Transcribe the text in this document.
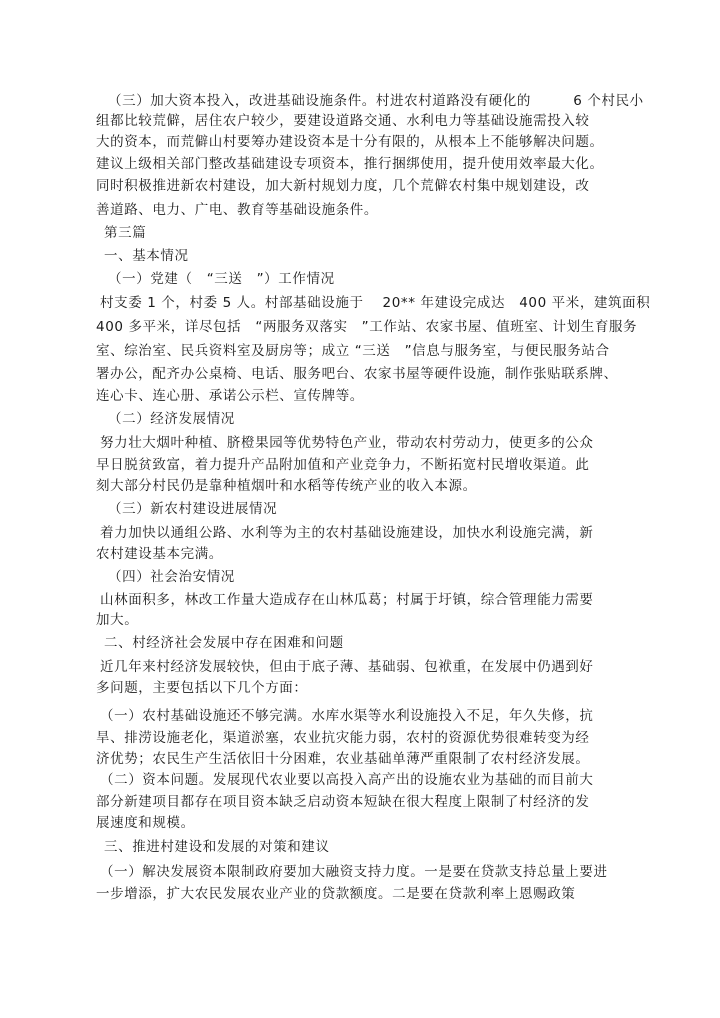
（三）加大资本投入，改进基础设施条件。村进农村道路没有硬化的　　　6 个村民小
组都比较荒僻，居住农户较少，要建设道路交通、水利电力等基础设施需投入较
大的资本，而荒僻山村要筹办建设资本是十分有限的，从根本上不能够解决问题。
建议上级相关部门整改基础建设专项资本，推行捆绑使用，提升使用效率最大化。
同时积极推进新农村建设，加大新村规划力度，几个荒僻农村集中规划建设，改
善道路、电力、广电、教育等基础设施条件。
第三篇
一、基本情况
（一）党建（　“三送　”）工作情况
村支委 1 个，村委 5 人。村部基础设施于　 20** 年建设完成达　400 平米，建筑面积
400 多平米，详尽包括　“两服务双落实　”工作站、农家书屋、值班室、计划生育服务
室、综治室、民兵资料室及厨房等；成立 “三送　”信息与服务室，与便民服务站合
署办公，配齐办公桌椅、电话、服务吧台、农家书屋等硬件设施，制作张贴联系牌、
连心卡、连心册、承诺公示栏、宣传牌等。
（二）经济发展情况
努力壮大烟叶种植、脐橙果园等优势特色产业，带动农村劳动力，使更多的公众
早日脱贫致富，着力提升产品附加值和产业竞争力，不断拓宽村民增收渠道。此
刻大部分村民仍是靠种植烟叶和水稻等传统产业的收入本源。
（三）新农村建设进展情况
着力加快以通组公路、水利等为主的农村基础设施建设，加快水利设施完满，新
农村建设基本完满。
（四）社会治安情况
山林面积多，林改工作量大造成存在山林瓜葛；村属于圩镇，综合管理能力需要
加大。
二、村经济社会发展中存在困难和问题
近几年来村经济发展较快，但由于底子薄、基础弱、包袱重，在发展中仍遇到好
多问题，主要包括以下几个方面：
（一）农村基础设施还不够完满。水库水渠等水利设施投入不足，年久失修，抗
旱、排涝设施老化，渠道淤塞，农业抗灾能力弱，农村的资源优势很难转变为经
济优势；农民生产生活依旧十分困难，农业基础单薄严重限制了农村经济发展。
（二）资本问题。发展现代农业要以高投入高产出的设施农业为基础的而目前大
部分新建项目都存在项目资本缺乏启动资本短缺在很大程度上限制了村经济的发
展速度和规模。
三、推进村建设和发展的对策和建议
（一）解决发展资本限制政府要加大融资支持力度。一是要在贷款支持总量上要进
一步增添，扩大农民发展农业产业的贷款额度。二是要在贷款利率上恩赐政策
